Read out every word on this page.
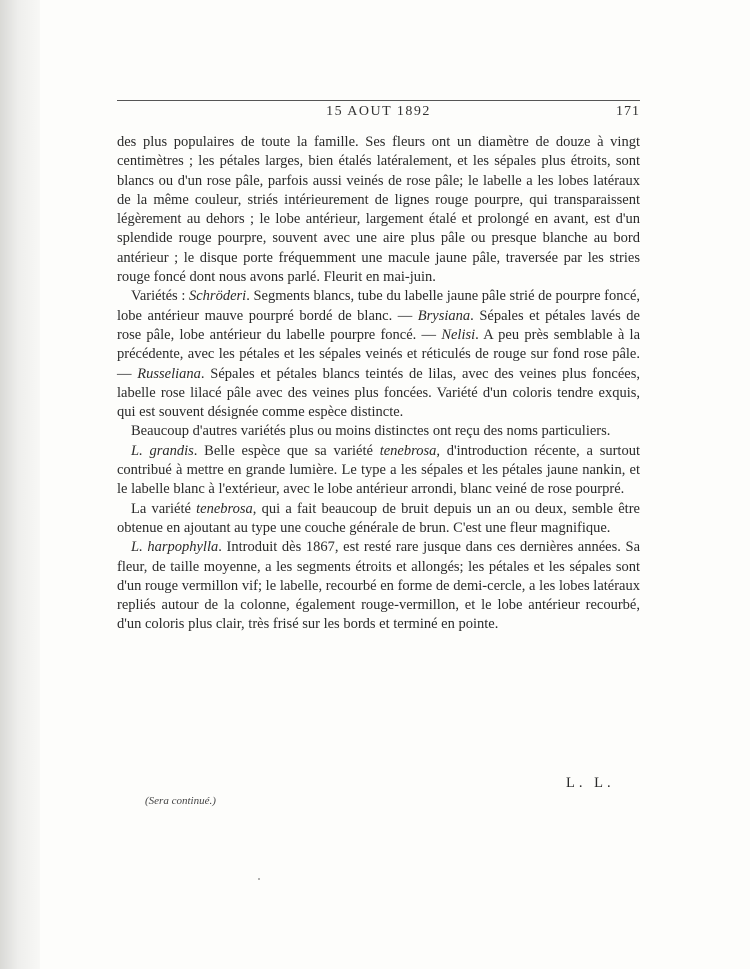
15 AOUT 1892	171

des plus populaires de toute la famille. Ses fleurs ont un diamètre de douze à vingt centimètres ; les pétales larges, bien étalés latéralement, et les sépales plus étroits, sont blancs ou d'un rose pâle, parfois aussi veinés de rose pâle; le labelle a les lobes latéraux de la même couleur, striés intérieurement de lignes rouge pourpre, qui transparaissent légèrement au dehors ; le lobe antérieur, largement étalé et prolongé en avant, est d'un splendide rouge pourpre, souvent avec une aire plus pâle ou presque blanche au bord antérieur ; le disque porte fréquemment une macule jaune pâle, traversée par les stries rouge foncé dont nous avons parlé. Fleurit en mai-juin.

Variétés : Schröderi. Segments blancs, tube du labelle jaune pâle strié de pourpre foncé, lobe antérieur mauve pourpré bordé de blanc. — Brysiana. Sépales et pétales lavés de rose pâle, lobe antérieur du labelle pourpre foncé. — Nelisi. A peu près semblable à la précédente, avec les pétales et les sépales veinés et réticulés de rouge sur fond rose pâle. — Russeliana. Sépales et pétales blancs teintés de lilas, avec des veines plus foncées, labelle rose lilacé pâle avec des veines plus foncées. Variété d'un coloris tendre exquis, qui est souvent désignée comme espèce distincte.

Beaucoup d'autres variétés plus ou moins distinctes ont reçu des noms particuliers.

L. grandis. Belle espèce que sa variété tenebrosa, d'introduction récente, a surtout contribué à mettre en grande lumière. Le type a les sépales et les pétales jaune nankin, et le labelle blanc à l'extérieur, avec le lobe antérieur arrondi, blanc veiné de rose pourpré.

La variété tenebrosa, qui a fait beaucoup de bruit depuis un an ou deux, semble être obtenue en ajoutant au type une couche générale de brun. C'est une fleur magnifique.

L. harpophylla. Introduit dès 1867, est resté rare jusque dans ces dernières années. Sa fleur, de taille moyenne, a les segments étroits et allongés; les pétales et les sépales sont d'un rouge vermillon vif; le labelle, recourbé en forme de demi-cercle, a les lobes latéraux repliés autour de la colonne, également rouge-vermillon, et le lobe antérieur recourbé, d'un coloris plus clair, très frisé sur les bords et terminé en pointe.

L. L.
(Sera continué.)
